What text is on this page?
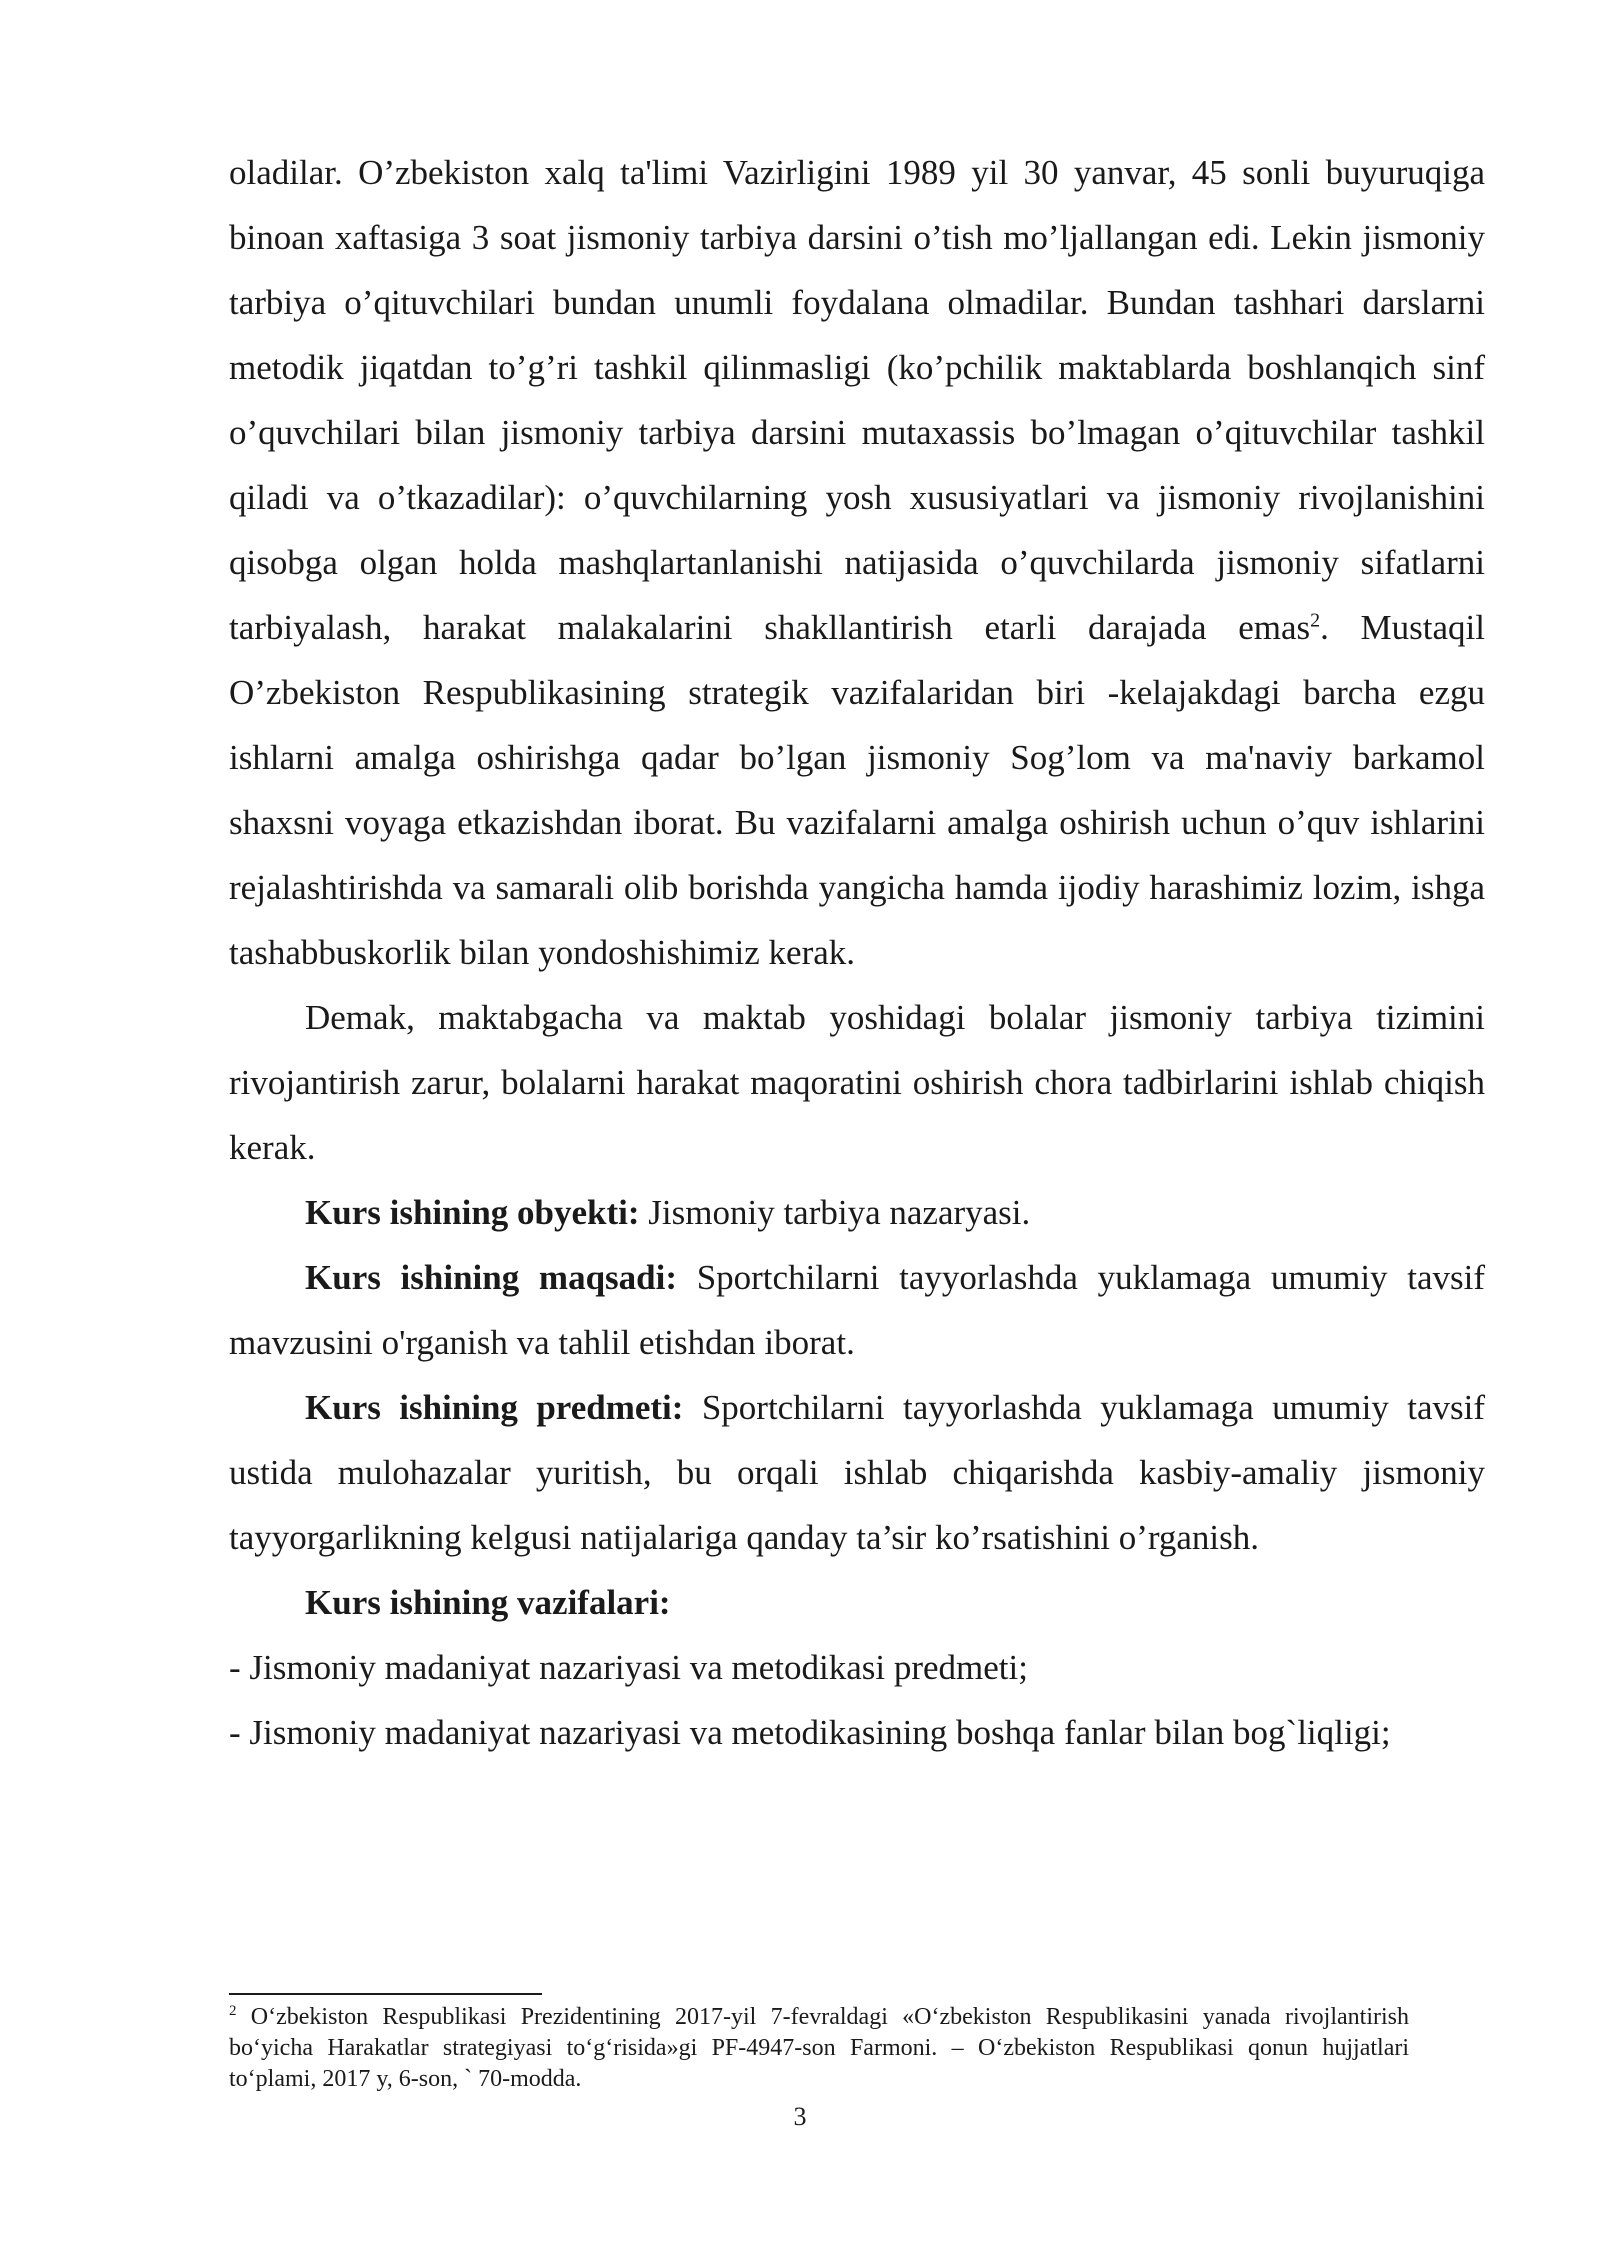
oladilar. O’zbekiston xalq ta'limi Vazirligini 1989 yil 30 yanvar, 45 sonli buyuruqiga binoan xaftasiga 3 soat jismoniy tarbiya darsini o’tish mo’ljallangan edi. Lekin jismoniy tarbiya o’qituvchilari bundan unumli foydalana olmadilar. Bundan tashhari darslarni metodik jiqatdan to’g’ri tashkil qilinmasligi (ko’pchilik maktablarda boshlanqich sinf o’quvchilari bilan jismoniy tarbiya darsini mutaxassis bo’lmagan o’qituvchilar tashkil qiladi va o’tkazadilar): o’quvchilarning yosh xususiyatlari va jismoniy rivojlanishini qisobga olgan holda mashqlartanlanishi natijasida o’quvchilarda jismoniy sifatlarni tarbiyalash, harakat malakalarini shakllantirish etarli darajada emas$^2$. Mustaqil O’zbekiston Respublikasining strategik vazifalaridan biri -kelajakdagi barcha ezgu ishlarni amalga oshirishga qadar bo’lgan jismoniy Sog’lom va ma'naviy barkamol shaxsni voyaga etkazishdan iborat. Bu vazifalarni amalga oshirish uchun o’quv ishlarini rejalashtirishda va samarali olib borishda yangicha hamda ijodiy harashimiz lozim, ishga tashabbuskorlik bilan yondoshishimiz kerak.

Demak, maktabgacha va maktab yoshidagi bolalar jismoniy tarbiya tizimini rivojantirish zarur, bolalarni harakat maqoratini oshirish chora tadbirlarini ishlab chiqish kerak.

Kurs ishining obyekti: Jismoniy tarbiya nazaryasi.

Kurs ishining maqsadi: Sportchilarni tayyorlashda yuklamaga umumiy tavsif mavzusini o'rganish va tahlil etishdan iborat.

Kurs ishining predmeti: Sportchilarni tayyorlashda yuklamaga umumiy tavsif ustida mulohazalar yuritish, bu orqali ishlab chiqarishda kasbiy-amaliy jismoniy tayyorgarlikning kelgusi natijalariga qanday ta’sir ko’rsatishini o’rganish.

Kurs ishining vazifalari:

- Jismoniy madaniyat nazariyasi va metodikasi predmeti;

- Jismoniy madaniyat nazariyasi va metodikasining boshqa fanlar bilan bog`liqligi;

$^2$ O‘zbekiston Respublikasi Prezidentining 2017-yil 7-fevraldagi «O‘zbekiston Respublikasini yanada rivojlantirish bo‘yicha Harakatlar strategiyasi to‘g‘risida»gi PF-4947-son Farmoni. – O‘zbekiston Respublikasi qonun hujjatlari to‘plami, 2017 y, 6-son, ` 70-modda.

3
